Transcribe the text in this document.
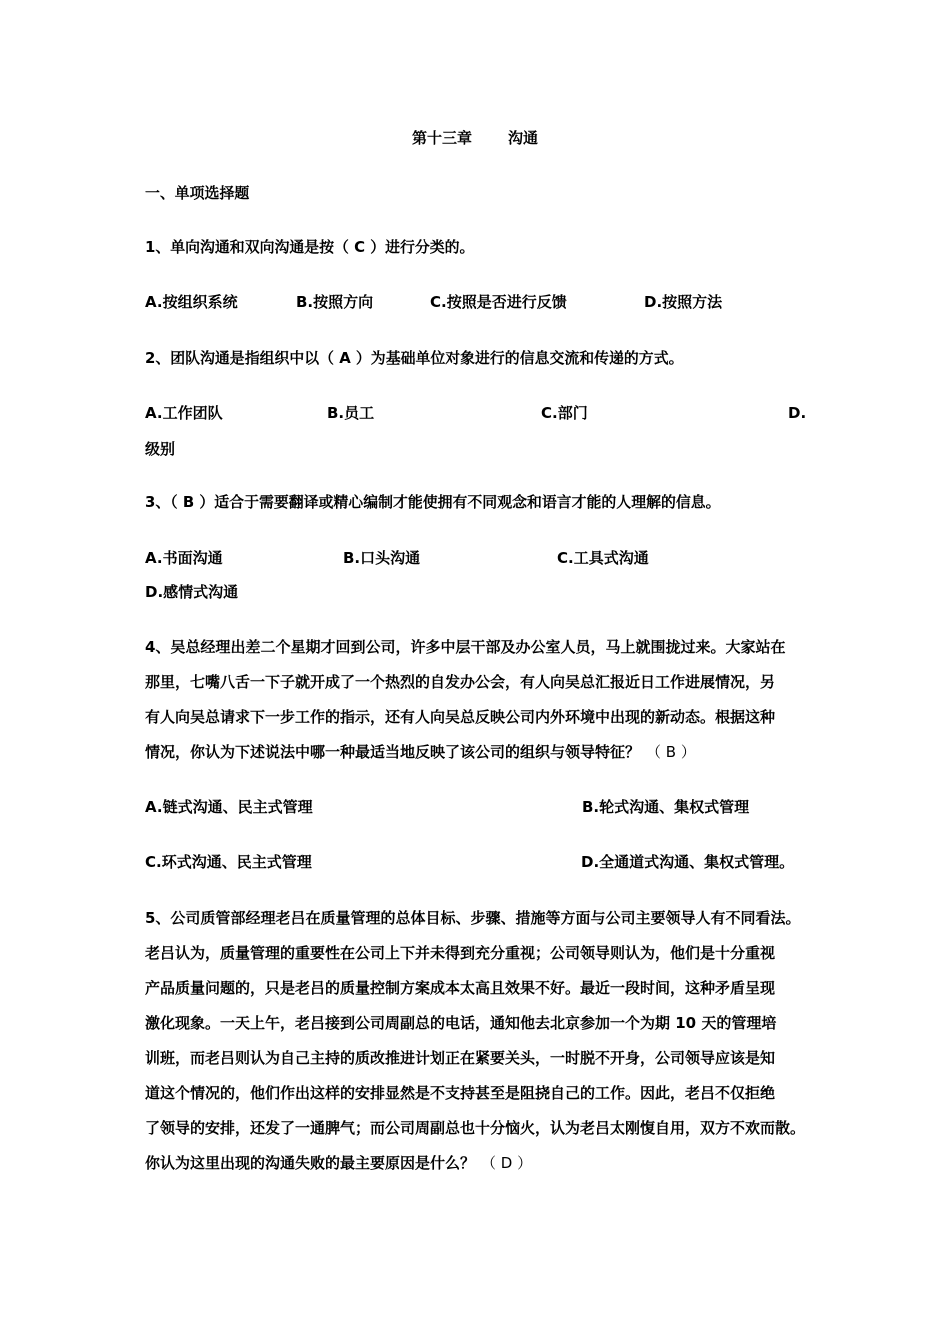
第十三章 沟通
一、单项选择题
1、单向沟通和双向沟通是按（ C ）进行分类的。
A.按组织系统	B.按照方向	C.按照是否进行反馈	D.按照方法
2、团队沟通是指组织中以（ A ）为基础单位对象进行的信息交流和传递的方式。
A.工作团队	B.员工	C.部门	D.
级别
3、（ B ）适合于需要翻译或精心编制才能使拥有不同观念和语言才能的人理解的信息。
A.书面沟通	B.口头沟通	C.工具式沟通
D.感情式沟通
4、吴总经理出差二个星期才回到公司，许多中层干部及办公室人员，马上就围拢过来。大家站在
那里，七嘴八舌一下子就开成了一个热烈的自发办公会，有人向吴总汇报近日工作进展情况，另
有人向吴总请求下一步工作的指示，还有人向吴总反映公司内外环境中出现的新动态。根据这种
情况，你认为下述说法中哪一种最适当地反映了该公司的组织与领导特征？ （ B ）
A.链式沟通、民主式管理	B.轮式沟通、集权式管理
C.环式沟通、民主式管理	D.全通道式沟通、集权式管理。
5、公司质管部经理老吕在质量管理的总体目标、步骤、措施等方面与公司主要领导人有不同看法。
老吕认为，质量管理的重要性在公司上下并未得到充分重视；公司领导则认为，他们是十分重视
产品质量问题的，只是老吕的质量控制方案成本太高且效果不好。最近一段时间，这种矛盾呈现
激化现象。一天上午，老吕接到公司周副总的电话，通知他去北京参加一个为期 10 天的管理培
训班，而老吕则认为自己主持的质改推进计划正在紧要关头，一时脱不开身，公司领导应该是知
道这个情况的，他们作出这样的安排显然是不支持甚至是阻挠自己的工作。因此，老吕不仅拒绝
了领导的安排，还发了一通脾气；而公司周副总也十分恼火，认为老吕太刚愎自用，双方不欢而散。
你认为这里出现的沟通失败的最主要原因是什么？ （ D ）
